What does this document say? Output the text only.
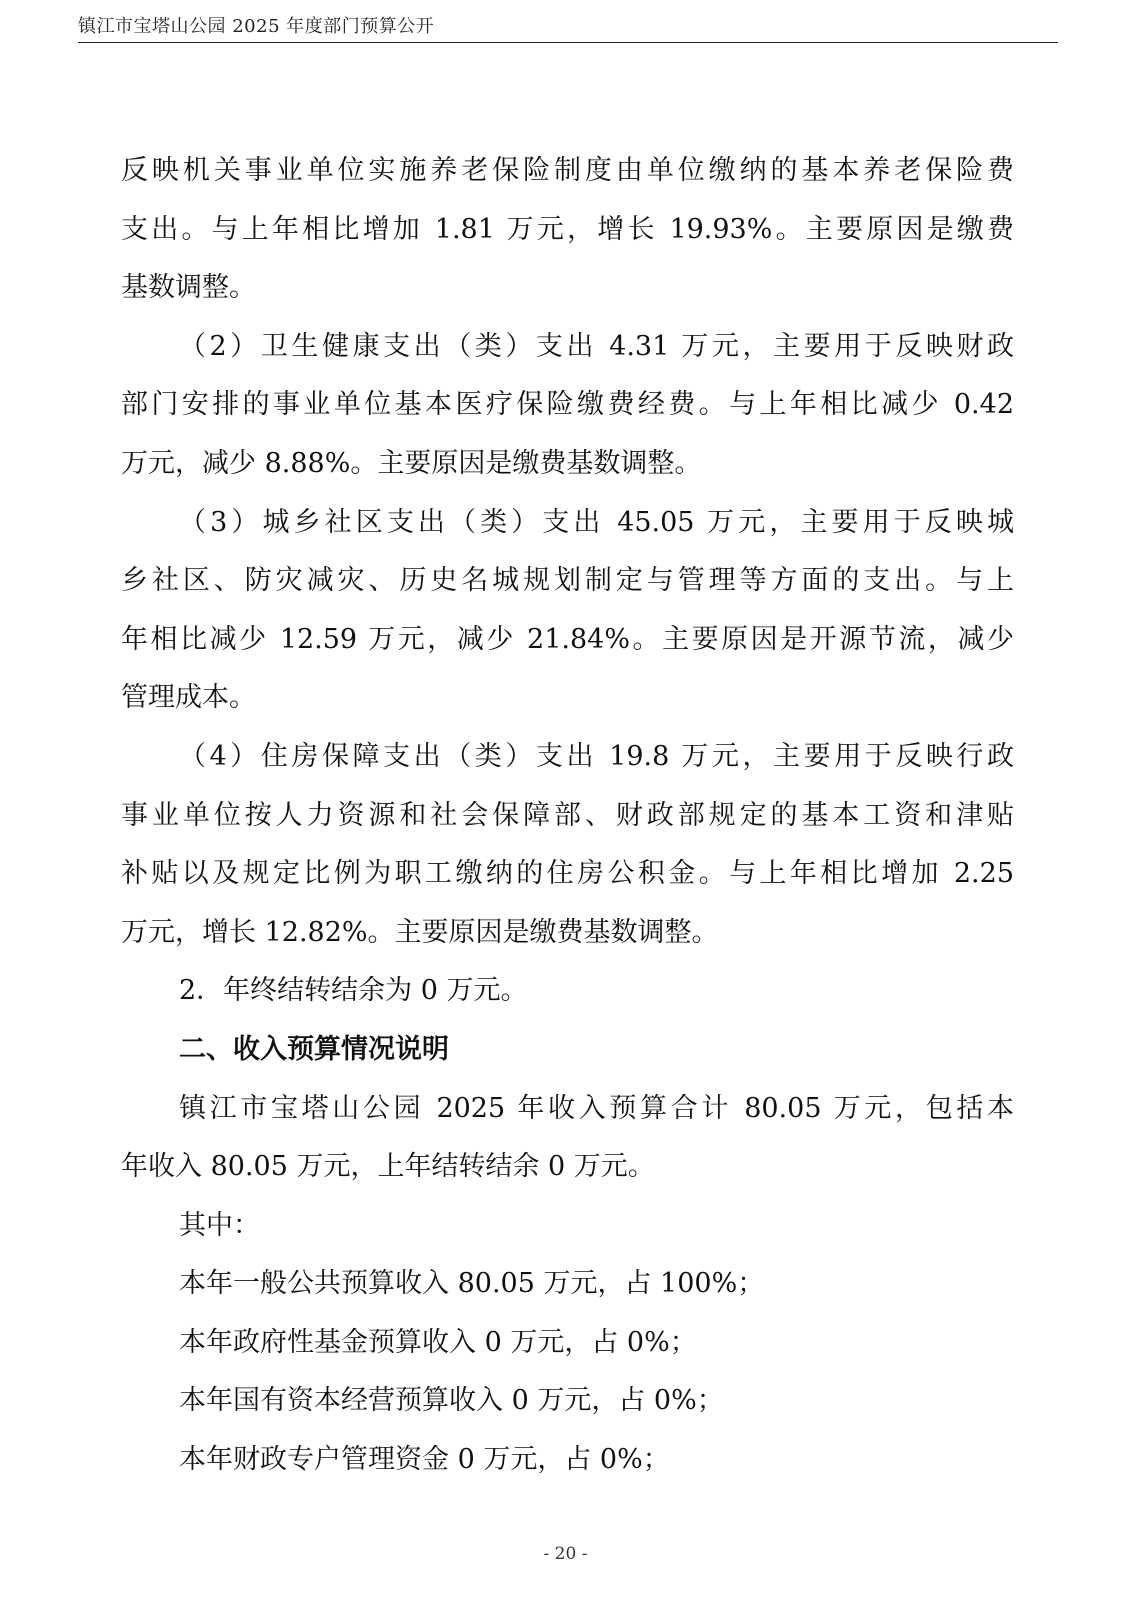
镇江市宝塔山公园 2025 年度部门预算公开
反映机关事业单位实施养老保险制度由单位缴纳的基本养老保险费
支出。与上年相比增加 1.81 万元，增长 19.93%。主要原因是缴费
基数调整。
（2）卫生健康支出（类）支出 4.31 万元，主要用于反映财政
部门安排的事业单位基本医疗保险缴费经费。与上年相比减少 0.42
万元，减少 8.88%。主要原因是缴费基数调整。
（3）城乡社区支出（类）支出 45.05 万元，主要用于反映城
乡社区、防灾减灾、历史名城规划制定与管理等方面的支出。与上
年相比减少 12.59 万元，减少 21.84%。主要原因是开源节流，减少
管理成本。
（4）住房保障支出（类）支出 19.8 万元，主要用于反映行政
事业单位按人力资源和社会保障部、财政部规定的基本工资和津贴
补贴以及规定比例为职工缴纳的住房公积金。与上年相比增加 2.25
万元，增长 12.82%。主要原因是缴费基数调整。
2．年终结转结余为 0 万元。
二、收入预算情况说明
镇江市宝塔山公园 2025 年收入预算合计 80.05 万元，包括本
年收入 80.05 万元，上年结转结余 0 万元。
其中：
本年一般公共预算收入 80.05 万元，占 100%；
本年政府性基金预算收入 0 万元，占 0%；
本年国有资本经营预算收入 0 万元，占 0%；
本年财政专户管理资金 0 万元，占 0%；
- 20 -
